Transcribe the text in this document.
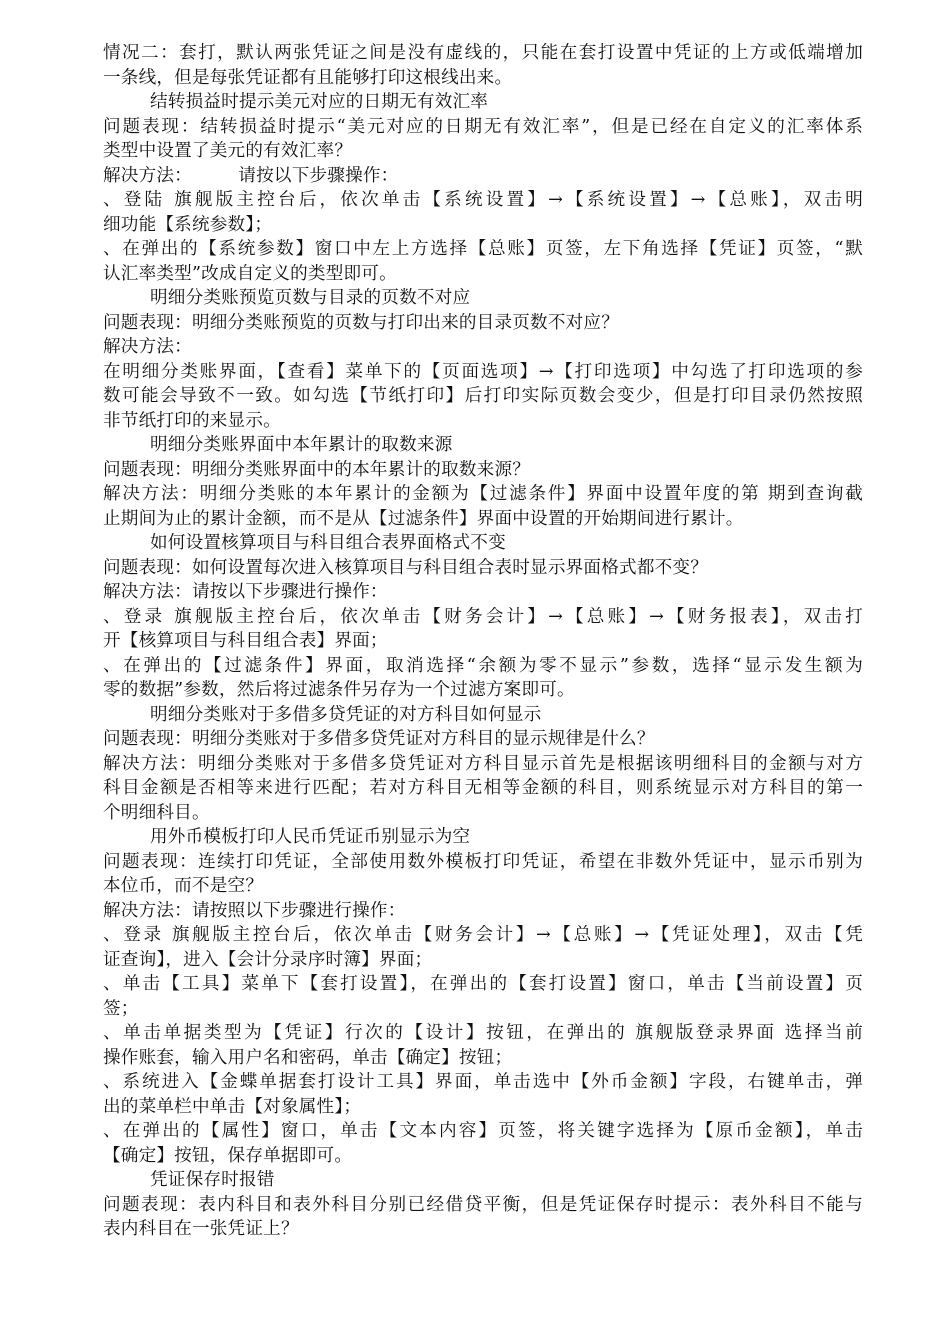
情况二：套打，默认两张凭证之间是没有虚线的，只能在套打设置中凭证的上方或低端增加
一条线，但是每张凭证都有且能够打印这根线出来。
结转损益时提示美元对应的日期无有效汇率
问题表现：结转损益时提示“美元对应的日期无有效汇率”，但是已经在自定义的汇率体系
类型中设置了美元的有效汇率？
解决方法：        请按以下步骤操作：
、登陆 旗舰版主控台后，依次单击【系统设置】→【系统设置】→【总账】，双击明
细功能【系统参数】；
、在弹出的【系统参数】窗口中左上方选择【总账】页签，左下角选择【凭证】页签，“默
认汇率类型”改成自定义的类型即可。
明细分类账预览页数与目录的页数不对应
问题表现：明细分类账预览的页数与打印出来的目录页数不对应？
解决方法：
在明细分类账界面，【查看】菜单下的【页面选项】→【打印选项】中勾选了打印选项的参
数可能会导致不一致。如勾选【节纸打印】后打印实际页数会变少，但是打印目录仍然按照
非节纸打印的来显示。
明细分类账界面中本年累计的取数来源
问题表现：明细分类账界面中的本年累计的取数来源？
解决方法：明细分类账的本年累计的金额为【过滤条件】界面中设置年度的第 期到查询截
止期间为止的累计金额，而不是从【过滤条件】界面中设置的开始期间进行累计。
如何设置核算项目与科目组合表界面格式不变
问题表现：如何设置每次进入核算项目与科目组合表时显示界面格式都不变？
解决方法：请按以下步骤进行操作：
、登录 旗舰版主控台后，依次单击【财务会计】→【总账】→【财务报表】，双击打
开【核算项目与科目组合表】界面；
、在弹出的【过滤条件】界面，取消选择“余额为零不显示”参数，选择“显示发生额为
零的数据”参数，然后将过滤条件另存为一个过滤方案即可。
明细分类账对于多借多贷凭证的对方科目如何显示
问题表现：明细分类账对于多借多贷凭证对方科目的显示规律是什么？
解决方法：明细分类账对于多借多贷凭证对方科目显示首先是根据该明细科目的金额与对方
科目金额是否相等来进行匹配；若对方科目无相等金额的科目，则系统显示对方科目的第一
个明细科目。
用外币模板打印人民币凭证币别显示为空
问题表现：连续打印凭证，全部使用数外模板打印凭证，希望在非数外凭证中，显示币别为
本位币，而不是空？
解决方法：请按照以下步骤进行操作：
、登录 旗舰版主控台后，依次单击【财务会计】→【总账】→【凭证处理】，双击【凭
证查询】，进入【会计分录序时簿】界面；
、单击【工具】菜单下【套打设置】，在弹出的【套打设置】窗口，单击【当前设置】页
签；
、单击单据类型为【凭证】行次的【设计】按钮，在弹出的 旗舰版登录界面 选择当前
操作账套，输入用户名和密码，单击【确定】按钮；
、系统进入【金蝶单据套打设计工具】界面，单击选中【外币金额】字段，右键单击，弹
出的菜单栏中单击【对象属性】；
、在弹出的【属性】窗口，单击【文本内容】页签，将关键字选择为【原币金额】，单击
【确定】按钮，保存单据即可。
凭证保存时报错
问题表现：表内科目和表外科目分别已经借贷平衡，但是凭证保存时提示：表外科目不能与
表内科目在一张凭证上？
